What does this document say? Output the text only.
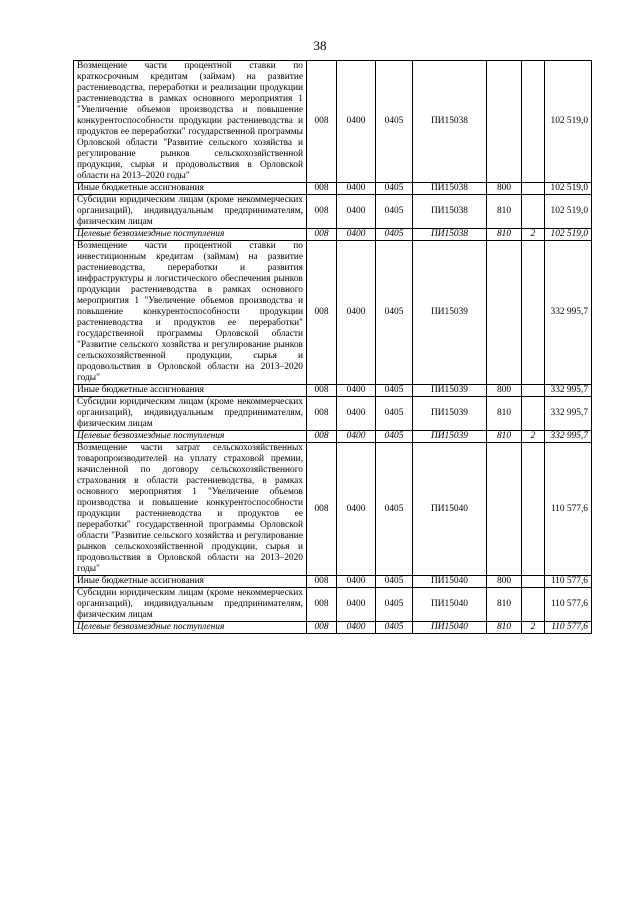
38
Возмещение части процентной ставки по краткосрочным кредитам (займам) на развитие растениеводства, переработки и реализации продукции растениеводства в рамках основного мероприятия 1 "Увеличение объемов производства и повышение конкурентоспособности продукции растениеводства и продуктов ее переработки" государственной программы Орловской области "Развитие сельского хозяйства и регулирование рынков сельскохозяйственной продукции, сырья и продовольствия в Орловской области на 2013–2020 годы"	008	0400	0405	ПИ15038			102 519,0
Иные бюджетные ассигнования	008	0400	0405	ПИ15038	800		102 519,0
Субсидии юридическим лицам (кроме некоммерческих организаций), индивидуальным предпринимателям, физическим лицам	008	0400	0405	ПИ15038	810		102 519,0
Целевые безвозмездные поступления	008	0400	0405	ПИ15038	810	2	102 519,0
Возмещение части процентной ставки по инвестиционным кредитам (займам) на развитие растениеводства, переработки и развития инфраструктуры и логистического обеспечения рынков продукции растениеводства в рамках основного мероприятия 1 "Увеличение объемов производства и повышение конкурентоспособности продукции растениеводства и продуктов ее переработки" государственной программы Орловской области "Развитие сельского хозяйства и регулирование рынков сельскохозяйственной продукции, сырья и продовольствия в Орловской области на 2013–2020 годы"	008	0400	0405	ПИ15039			332 995,7
Иные бюджетные ассигнования	008	0400	0405	ПИ15039	800		332 995,7
Субсидии юридическим лицам (кроме некоммерческих организаций), индивидуальным предпринимателям, физическим лицам	008	0400	0405	ПИ15039	810		332 995,7
Целевые безвозмездные поступления	008	0400	0405	ПИ15039	810	2	332 995,7
Возмещение части затрат сельскохозяйственных товаропроизводителей на уплату страховой премии, начисленной по договору сельскохозяйственного страхования в области растениеводства, в рамках основного мероприятия 1 "Увеличение объемов производства и повышение конкурентоспособности продукции растениеводства и продуктов ее переработки" государственной программы Орловской области "Развитие сельского хозяйства и регулирование рынков сельскохозяйственной продукции, сырья и продовольствия в Орловской области на 2013–2020 годы"	008	0400	0405	ПИ15040			110 577,6
Иные бюджетные ассигнования	008	0400	0405	ПИ15040	800		110 577,6
Субсидии юридическим лицам (кроме некоммерческих организаций), индивидуальным предпринимателям, физическим лицам	008	0400	0405	ПИ15040	810		110 577,6
Целевые безвозмездные поступления	008	0400	0405	ПИ15040	810	2	110 577,6
